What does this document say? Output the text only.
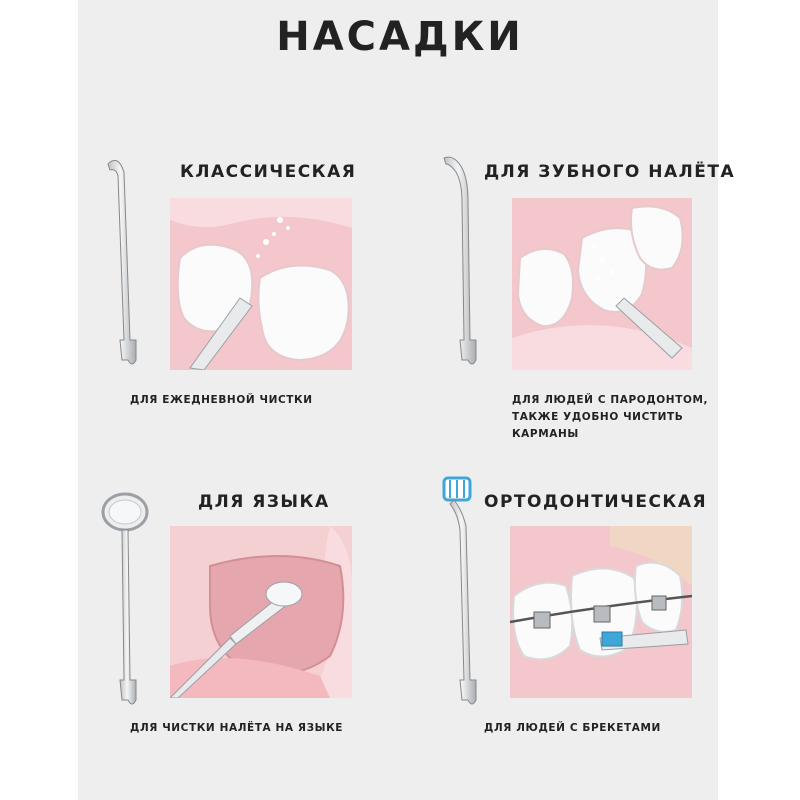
НАСАДКИ
КЛАССИЧЕСКАЯ
ДЛЯ ЕЖЕДНЕВНОЙ ЧИСТКИ
ДЛЯ ЗУБНОГО НАЛЁТА
ДЛЯ ЛЮДЕЙ С ПАРОДОНТОМ,
ТАКЖЕ УДОБНО ЧИСТИТЬ
КАРМАНЫ
ДЛЯ ЯЗЫКА
ДЛЯ ЧИСТКИ НАЛЁТА НА ЯЗЫКЕ
ОРТОДОНТИЧЕСКАЯ
ДЛЯ ЛЮДЕЙ С БРЕКЕТАМИ
